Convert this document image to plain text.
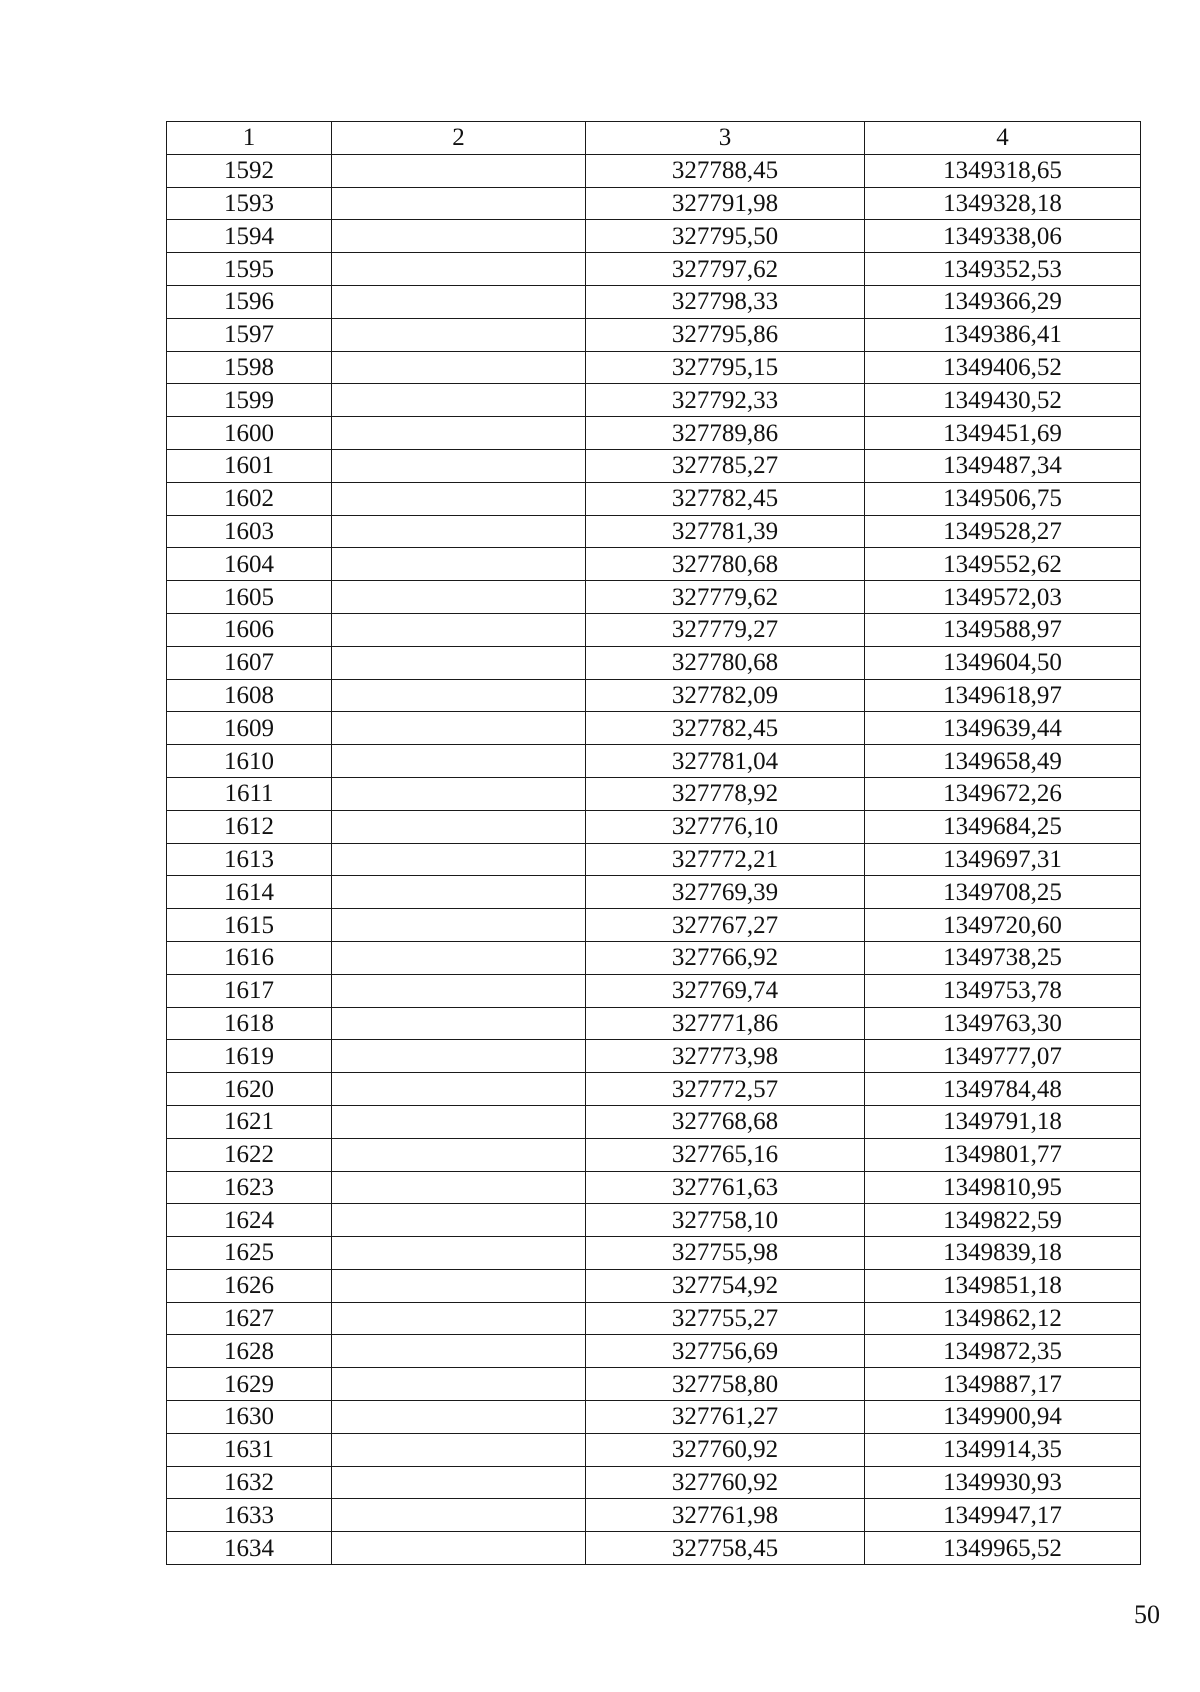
1	2	3	4
1592		327788,45	1349318,65
1593		327791,98	1349328,18
1594		327795,50	1349338,06
1595		327797,62	1349352,53
1596		327798,33	1349366,29
1597		327795,86	1349386,41
1598		327795,15	1349406,52
1599		327792,33	1349430,52
1600		327789,86	1349451,69
1601		327785,27	1349487,34
1602		327782,45	1349506,75
1603		327781,39	1349528,27
1604		327780,68	1349552,62
1605		327779,62	1349572,03
1606		327779,27	1349588,97
1607		327780,68	1349604,50
1608		327782,09	1349618,97
1609		327782,45	1349639,44
1610		327781,04	1349658,49
1611		327778,92	1349672,26
1612		327776,10	1349684,25
1613		327772,21	1349697,31
1614		327769,39	1349708,25
1615		327767,27	1349720,60
1616		327766,92	1349738,25
1617		327769,74	1349753,78
1618		327771,86	1349763,30
1619		327773,98	1349777,07
1620		327772,57	1349784,48
1621		327768,68	1349791,18
1622		327765,16	1349801,77
1623		327761,63	1349810,95
1624		327758,10	1349822,59
1625		327755,98	1349839,18
1626		327754,92	1349851,18
1627		327755,27	1349862,12
1628		327756,69	1349872,35
1629		327758,80	1349887,17
1630		327761,27	1349900,94
1631		327760,92	1349914,35
1632		327760,92	1349930,93
1633		327761,98	1349947,17
1634		327758,45	1349965,52
50
